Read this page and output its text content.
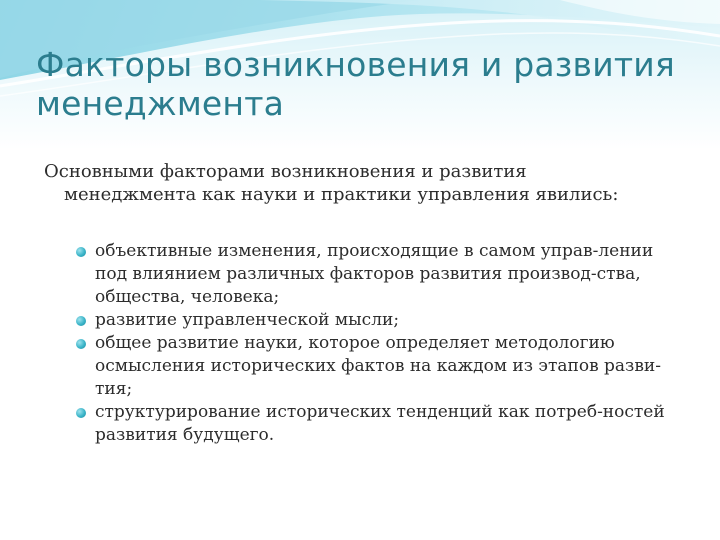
Факторы возникновения и развития менеджмента

Основными факторами возникновения и развития менеджмента как науки и практики управления явились:

объективные изменения, происходящие в самом управ-лении под влиянием различных факторов развития производ-ства, общества, человека;
развитие управленческой мысли;
общее развитие науки, которое определяет методологию осмысления исторических фактов на каждом из этапов разви-тия;
структурирование исторических тенденций как потреб-ностей развития будущего.
